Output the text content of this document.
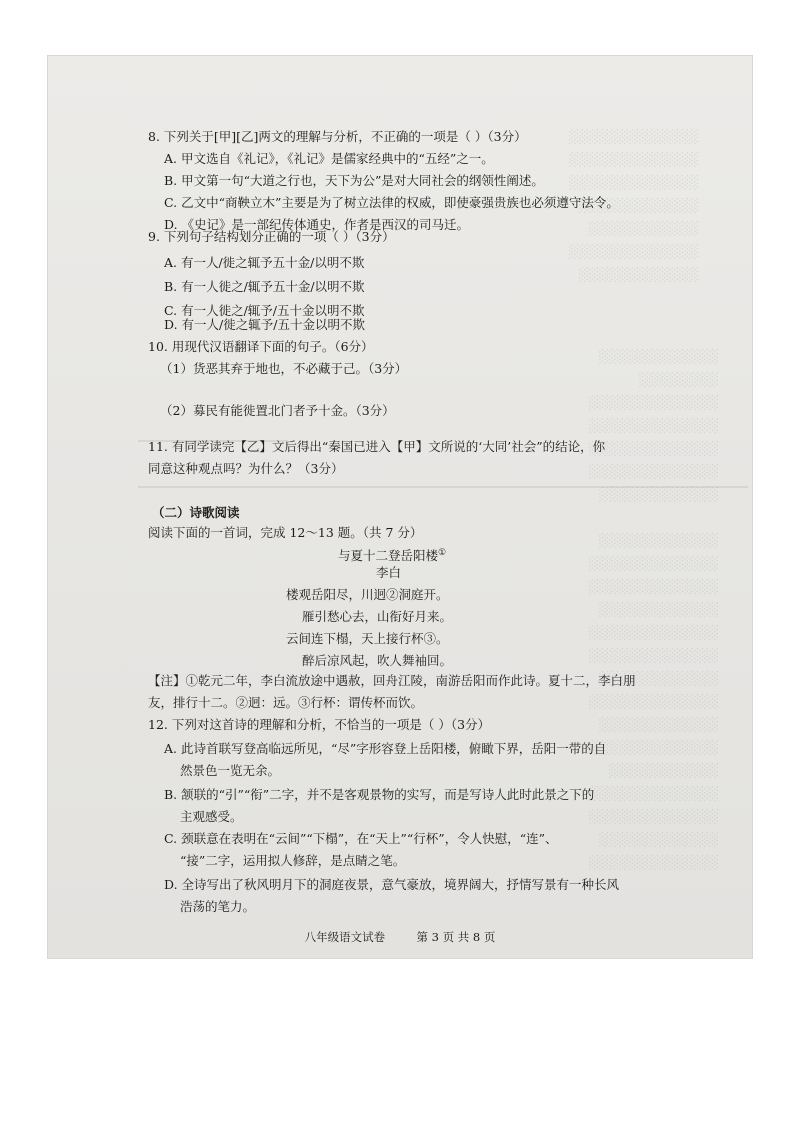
░░░░░░░░░░░░░
░░░░░░░░░░░░░
░░░░░░░░░░░░░
░░░░░░░░░░░░
░░░░░░░░░░░
░░░░░░░░░░░░░
░░░░░░░░░░░░
░░░░░░░░░░░░
░░░░░░░░
░░░░░░░░░░░░░
░░░░░░░░░░░░░
░░░░░░░░░░░░░
░░░░░░░░░░░░░
░░░░░░░░░░░░

░░░░░░░░░░░░
░░░░░░░░░░░░░
░░░░░░░░░░░░░
░░░░░░░░░░░░
░░░░░░░░░░░░░
░░░░░░░░░░░░░
░░░░░░░░░░░░
░░░░░░░░░░░░░
░░░░░░░░░░░░
░░░░░░░░░░░░░
░░░░░░░░░░░
░░░░░░░░░░░░░
░░░░░░░░░░░░░
░░░░░░░░░░░░
░░░░░░░░░░░░░
8. 下列关于[甲][乙]两文的理解与分析，不正确的一项是（ ）（3分）
A. 甲文选自《礼记》，《礼记》是儒家经典中的“五经”之一。
B. 甲文第一句“大道之行也，天下为公”是对大同社会的纲领性阐述。
C. 乙文中“商鞅立木”主要是为了树立法律的权威，即使豪强贵族也必须遵守法令。
D. 《史记》是一部纪传体通史，作者是西汉的司马迁。
9. 下列句子结构划分正确的一项（ ）（3分）
A. 有一人/徙之辄予五十金/以明不欺
B. 有一人徙之/辄予五十金/以明不欺
C. 有一人徙之/辄予/五十金以明不欺
D. 有一人/徙之辄予/五十金以明不欺
10. 用现代汉语翻译下面的句子。（6分）
（1）货恶其弃于地也，不必藏于己。（3分）
（2）募民有能徙置北门者予十金。（3分）
11. 有同学读完【乙】文后得出“秦国已进入【甲】文所说的‘大同’社会”的结论，你
同意这种观点吗？为什么？（3分）
（二）诗歌阅读
阅读下面的一首词，完成 12～13 题。（共 7 分）
与夏十二登岳阳楼①
李白
楼观岳阳尽，川迥②洞庭开。
雁引愁心去，山衔好月来。
云间连下榻，天上接行杯③。
醉后凉风起，吹人舞袖回。
【注】①乾元二年，李白流放途中遇赦，回舟江陵，南游岳阳而作此诗。夏十二，李白朋
友，排行十二。②迥：远。③行杯：谓传杯而饮。
12. 下列对这首诗的理解和分析，不恰当的一项是（ ）（3分）
A. 此诗首联写登高临远所见，“尽”字形容登上岳阳楼，俯瞰下界，岳阳一带的自
然景色一览无余。
B. 颔联的“引”“衔”二字，并不是客观景物的实写，而是写诗人此时此景之下的
主观感受。
C. 颈联意在表明在“云间”“下榻”，在“天上”“行杯”，令人快慰，“连”、
“接”二字，运用拟人修辞，是点睛之笔。
D. 全诗写出了秋风明月下的洞庭夜景，意气豪放，境界阔大，抒情写景有一种长风
浩荡的笔力。
八年级语文试卷	第 3 页 共 8 页
